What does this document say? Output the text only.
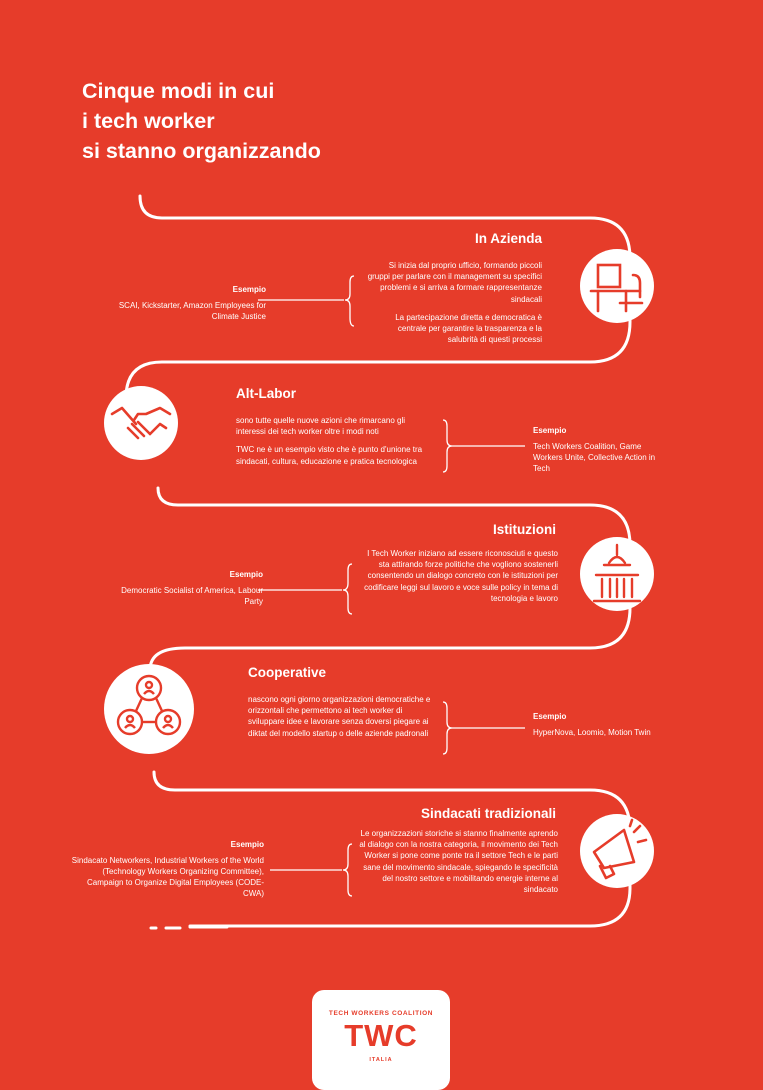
Cinque modi in cui
i tech worker
si stanno organizzando
In Azienda

Si inizia dal proprio ufficio, formando piccoli gruppi per parlare con il management su specifici problemi e si arriva a formare rappresentanze sindacali

La partecipazione diretta e democratica è centrale per garantire la trasparenza e la salubrità di questi processi

Esempio
SCAI, Kickstarter, Amazon Employees for Climate Justice
Alt-Labor

sono tutte quelle nuove azioni che rimarcano gli interessi dei tech worker oltre i modi noti

TWC ne è un esempio visto che è punto d'unione tra sindacati, cultura, educazione e pratica tecnologica

Esempio
Tech Workers Coalition, Game Workers Unite, Collective Action in Tech
Istituzioni

I Tech Worker iniziano ad essere riconosciuti e questo sta attirando forze politiche che vogliono sostenerli consentendo un dialogo concreto con le istituzioni per codificare leggi sul lavoro e voce sulle policy in tema di tecnologia e lavoro

Esempio
Democratic Socialist of America, Labour Party
Cooperative

nascono ogni giorno organizzazioni democratiche e orizzontali che permettono ai tech worker di sviluppare idee e lavorare senza doversi piegare ai diktat del modello startup o delle aziende padronali

Esempio
HyperNova, Loomio, Motion Twin
Sindacati tradizionali

Le organizzazioni storiche si stanno finalmente aprendo al dialogo con la nostra categoria, il movimento dei Tech Worker si pone come ponte tra il settore Tech e le parti sane del movimento sindacale, spiegando le specificità del nostro settore e mobilitando energie interne al sindacato

Esempio
Sindacato Networkers, Industrial Workers of the World (Technology Workers Organizing Committee), Campaign to Organize Digital Employees (CODE-CWA)
TECH WORKERS COALITION
TWC
ITALIA
